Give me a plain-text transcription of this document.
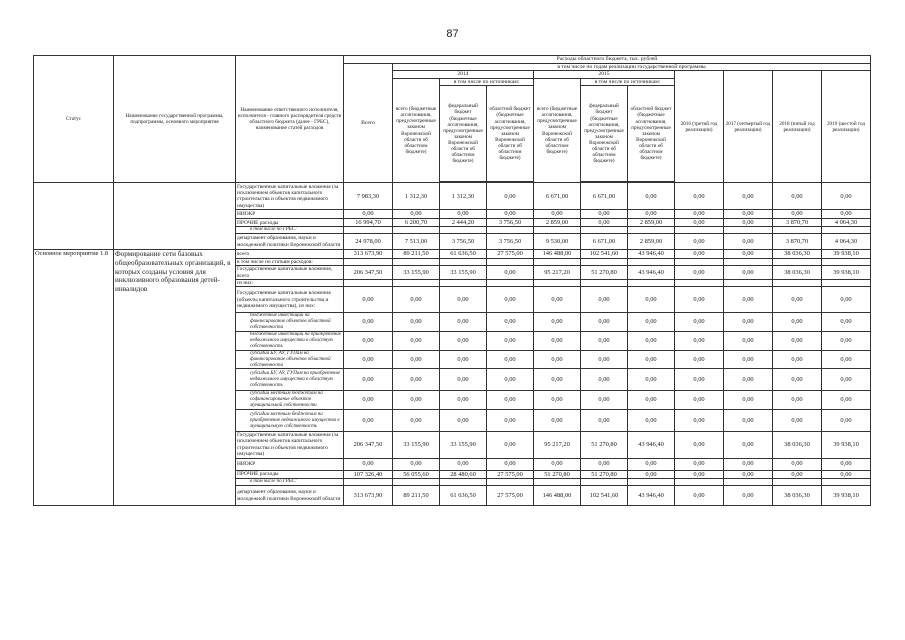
87
Статус	Наименование государственной программы, подпрограммы, основного мероприятия	Наименование ответственного исполнителя, исполнителя - главного распорядителя средств областного бюджета (далее - ГРБС), наименование статей расходов	Расходы областного бюджета, тыс. рублей										
			Всего	в том числе по годам реализации государственной программы									
				2014			2015			2016 (третий год реализации)	2017 (четвертый год реализации)	2018 (пятый год реализации)	2019 (шестой год реализации)
				всего (бюджетные ассигнования, предусмотренные законом Воронежской области об областном бюджете)	в том числе по источникам:		всего (бюджетные ассигнования, предусмотренные законом Воронежской области об областном бюджете)	в том числе по источникам:					
					федеральный бюджет (бюджетные ассигнования, предусмотренные законом Воронежской области об областном бюджете)	областной бюджет (бюджетные ассигнования, предусмотренные законом Воронежской области об областном бюджете)		федеральный бюджет (бюджетные ассигнования, предусмотренные законом Воронежской области об областном бюджете)	областной бюджет (бюджетные ассигнования, предусмотренные законом Воронежской области об областном бюджете)				

		Государственные капитальные вложения (за исключением объектов капитального строительства и объектов недвижимого имущества)	7 983,30	1 312,30	1 312,30	0,00	6 671,00	6 671,00	0,00	0,00	0,00	0,00	0,00
		НИОКР	0,00	0,00	0,00	0,00	0,00	0,00	0,00	0,00	0,00	0,00	0,00
		ПРОЧИЕ расходы	16 994,70	6 200,70	2 444,20	3 756,50	2 859,00	0,00	2 859,00	0,00	0,00	3 870,70	4 064,30
		в том числе по ГРБС:											
		департамент образования, науки и молодежной политики Воронежской области	24 978,00	7 513,00	3 756,50	3 756,50	9 530,00	6 671,00	2 859,00	0,00	0,00	3 870,70	4 064,30
Основное мероприятие 1.8	Формирование сети базовых общеобразовательных организаций, в которых созданы условия для инклюзивного образования детей-инвалидов	всего	313 673,90	89 211,50	61 636,50	27 575,00	146 488,00	102 541,60	43 946,40	0,00	0,00	38 036,30	39 938,10
		в том числе по статьям расходов:											
		Государственные капитальные вложения, всего	206 347,50	33 155,90	33 155,90	0,00	95 217,20	51 270,80	43 946,40	0,00	0,00	38 036,30	39 938,10
		из них:											
		Государственные капитальные вложения (объекты капитального строительства и недвижимого имущества), из них:	0,00	0,00	0,00	0,00	0,00	0,00	0,00	0,00	0,00	0,00	0,00
		бюджетные инвестиции на финансирование объектов областной собственности	0,00	0,00	0,00	0,00	0,00	0,00	0,00	0,00	0,00	0,00	0,00
		бюджетные инвестиции на приобретение недвижимого имущества в областную собственность	0,00	0,00	0,00	0,00	0,00	0,00	0,00	0,00	0,00	0,00	0,00
		субсидии БУ, АУ, ГУПам на финансирование объектов областной собственности	0,00	0,00	0,00	0,00	0,00	0,00	0,00	0,00	0,00	0,00	0,00
		субсидии БУ, АУ, ГУПам на приобретение недвижимого имущества в областную собственность	0,00	0,00	0,00	0,00	0,00	0,00	0,00	0,00	0,00	0,00	0,00
		субсидии местным бюджетам на софинансирование объектов муниципальной собственности	0,00	0,00	0,00	0,00	0,00	0,00	0,00	0,00	0,00	0,00	0,00
		субсидии местным бюджетам на приобретение недвижимого имущества в муниципальную собственность	0,00	0,00	0,00	0,00	0,00	0,00	0,00	0,00	0,00	0,00	0,00
		Государственные капитальные вложения (за исключением объектов капитального строительства и объектов недвижимого имущества)	206 347,50	33 155,90	33 155,90	0,00	95 217,20	51 270,80	43 946,40	0,00	0,00	38 036,30	39 938,10
		НИОКР	0,00	0,00	0,00	0,00	0,00	0,00	0,00	0,00	0,00	0,00	0,00
		ПРОЧИЕ расходы	107 326,40	56 055,60	28 480,60	27 575,00	51 270,80	51 270,80	0,00	0,00	0,00	0,00	0,00
		в том числе по ГРБС:											
		департамент образования, науки и молодежной политики Воронежской области	313 673,90	89 211,50	61 636,50	27 575,00	146 488,00	102 541,60	43 946,40	0,00	0,00	38 036,30	39 938,10
